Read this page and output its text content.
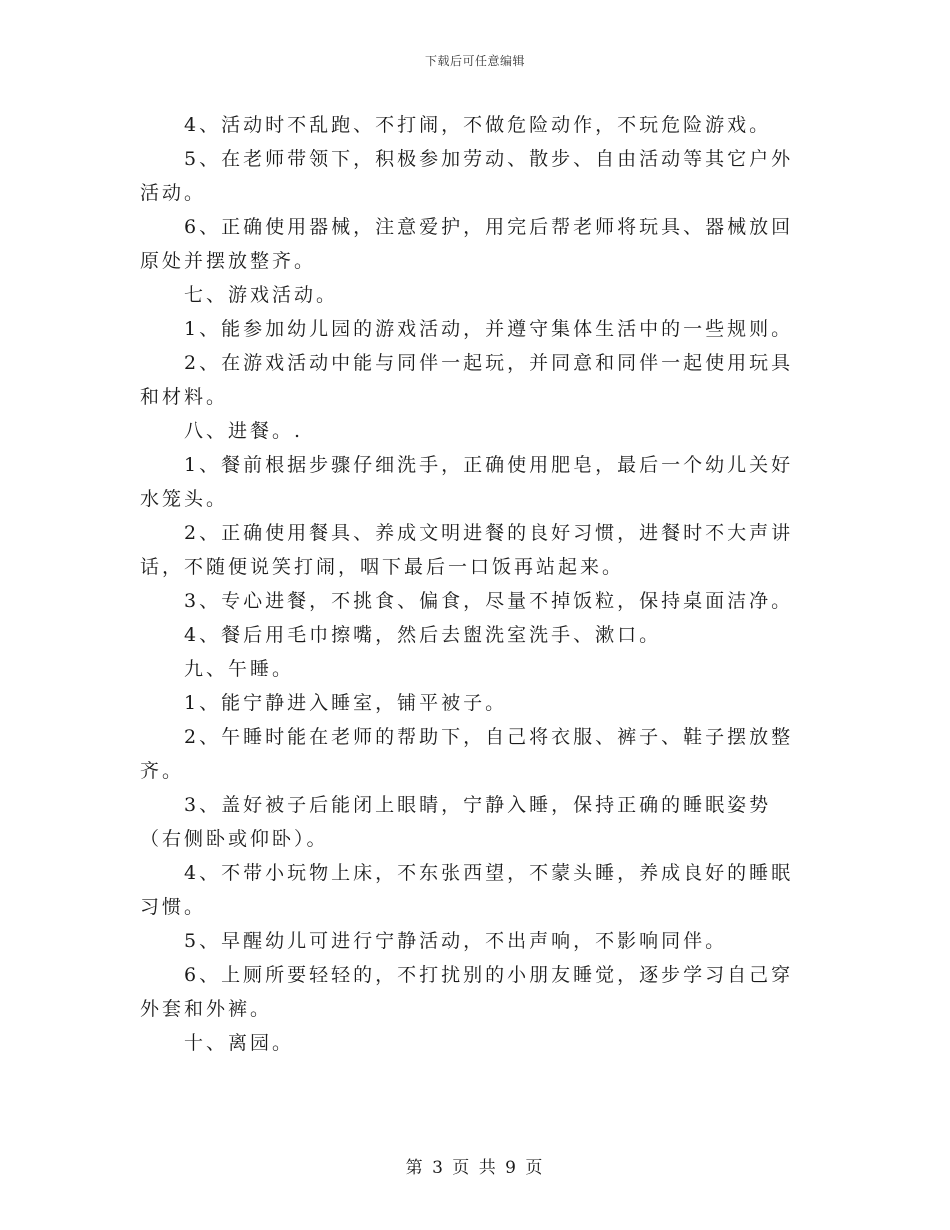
下载后可任意编辑

4、活动时不乱跑、不打闹，不做危险动作，不玩危险游戏。

5、在老师带领下，积极参加劳动、散步、自由活动等其它户外活动。

6、正确使用器械，注意爱护，用完后帮老师将玩具、器械放回原处并摆放整齐。

七、游戏活动。

1、能参加幼儿园的游戏活动，并遵守集体生活中的一些规则。

2、在游戏活动中能与同伴一起玩，并同意和同伴一起使用玩具和材料。

八、进餐。.

1、餐前根据步骤仔细洗手，正确使用肥皂，最后一个幼儿关好水笼头。

2、正确使用餐具、养成文明进餐的良好习惯，进餐时不大声讲话，不随便说笑打闹，咽下最后一口饭再站起来。

3、专心进餐，不挑食、偏食，尽量不掉饭粒，保持桌面洁净。

4、餐后用毛巾擦嘴，然后去盥洗室洗手、漱口。

九、午睡。

1、能宁静进入睡室，铺平被子。

2、午睡时能在老师的帮助下，自己将衣服、裤子、鞋子摆放整齐。

3、盖好被子后能闭上眼睛，宁静入睡，保持正确的睡眠姿势（右侧卧或仰卧）。

4、不带小玩物上床，不东张西望，不蒙头睡，养成良好的睡眠习惯。

5、早醒幼儿可进行宁静活动，不出声响，不影响同伴。

6、上厕所要轻轻的，不打扰别的小朋友睡觉，逐步学习自己穿外套和外裤。

十、离园。

第 3 页 共 9 页
